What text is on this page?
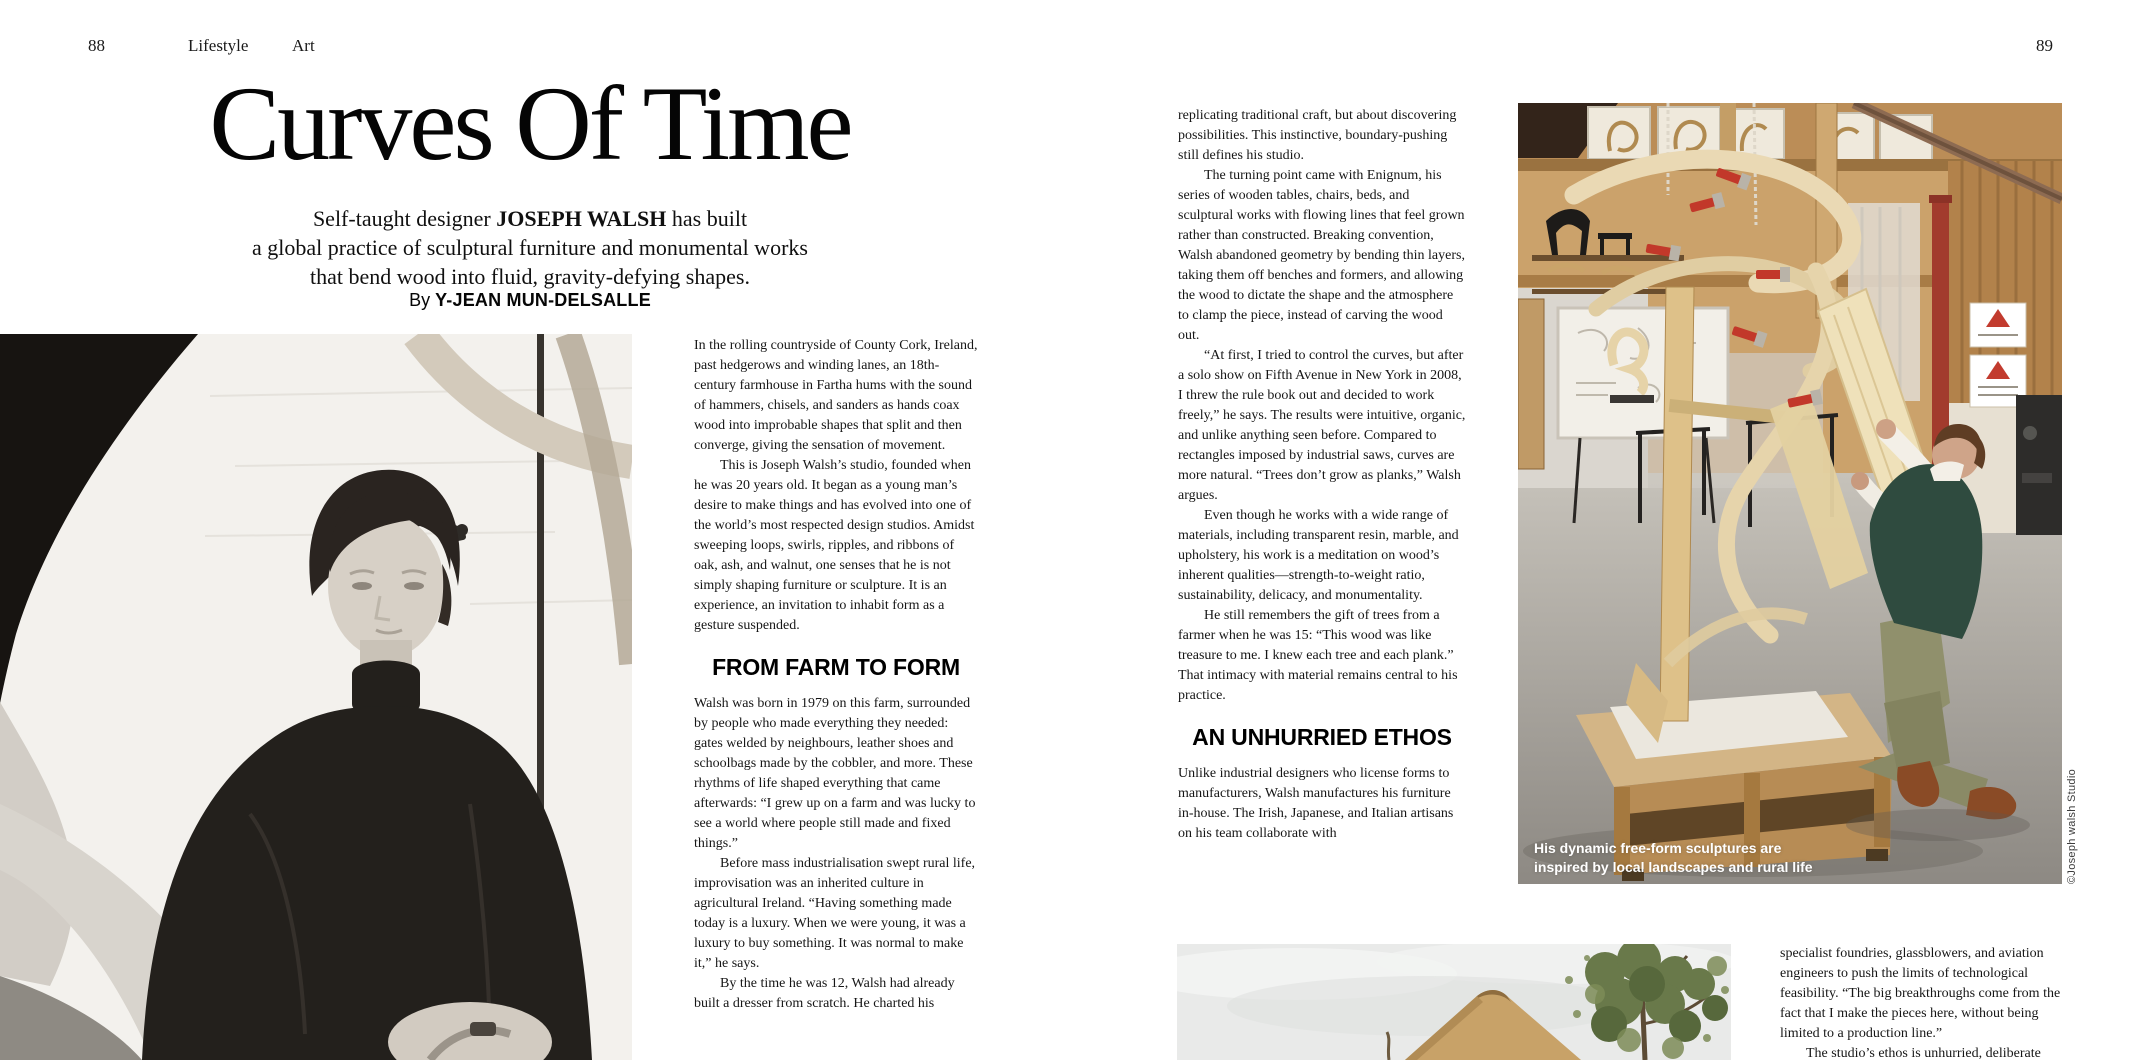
88	Lifestyle	Art	89
Curves Of Time
Self-taught designer JOSEPH WALSH has built
a global practice of sculptural furniture and monumental works
that bend wood into fluid, gravity-defying shapes.
By Y-JEAN MUN-DELSALLE

In the rolling countryside of County Cork, Ireland, past hedgerows and winding lanes, an 18th-century farmhouse in Fartha hums with the sound of hammers, chisels, and sanders as hands coax wood into improbable shapes that split and then converge, giving the sensation of movement.

This is Joseph Walsh’s studio, founded when he was 20 years old. It began as a young man’s desire to make things and has evolved into one of the world’s most respected design studios. Amidst sweeping loops, swirls, ripples, and ribbons of oak, ash, and walnut, one senses that he is not simply shaping furniture or sculpture. It is an experience, an invitation to inhabit form as a gesture suspended.

FROM FARM TO FORM

Walsh was born in 1979 on this farm, surrounded by people who made everything they needed: gates welded by neighbours, leather shoes and schoolbags made by the cobbler, and more. These rhythms of life shaped everything that came afterwards: “I grew up on a farm and was lucky to see a world where people still made and fixed things.”

Before mass industrialisation swept rural life, improvisation was an inherited culture in agricultural Ireland. “Having something made today is a luxury. When we were young, it was a luxury to buy something. It was normal to make it,” he says.

By the time he was 12, Walsh had already built a dresser from scratch. He charted his

replicating traditional craft, but about discovering possibilities. This instinctive, boundary-pushing still defines his studio.

The turning point came with Enignum, his series of wooden tables, chairs, beds, and sculptural works with flowing lines that feel grown rather than constructed. Breaking convention, Walsh abandoned geometry by bending thin layers, taking them off benches and formers, and allowing the wood to dictate the shape and the atmosphere to clamp the piece, instead of carving the wood out.

“At first, I tried to control the curves, but after a solo show on Fifth Avenue in New York in 2008, I threw the rule book out and decided to work freely,” he says. The results were intuitive, organic, and unlike anything seen before. Compared to rectangles imposed by industrial saws, curves are more natural. “Trees don’t grow as planks,” Walsh argues.

Even though he works with a wide range of materials, including transparent resin, marble, and upholstery, his work is a meditation on wood’s inherent qualities—strength-to-weight ratio, sustainability, delicacy, and monumentality.

He still remembers the gift of trees from a farmer when he was 15: “This wood was like treasure to me. I knew each tree and each plank.” That intimacy with material remains central to his practice.

AN UNHURRIED ETHOS

Unlike industrial designers who license forms to manufacturers, Walsh manufactures his furniture in-house. The Irish, Japanese, and Italian artisans on his team collaborate with

His dynamic free-form sculptures are
inspired by local landscapes and rural life	©Joseph walsh Studio

specialist foundries, glassblowers, and aviation engineers to push the limits of technological feasibility. “The big breakthroughs come from the fact that I make the pieces here, without being limited to a production line.”

The studio’s ethos is unhurried, deliberate
